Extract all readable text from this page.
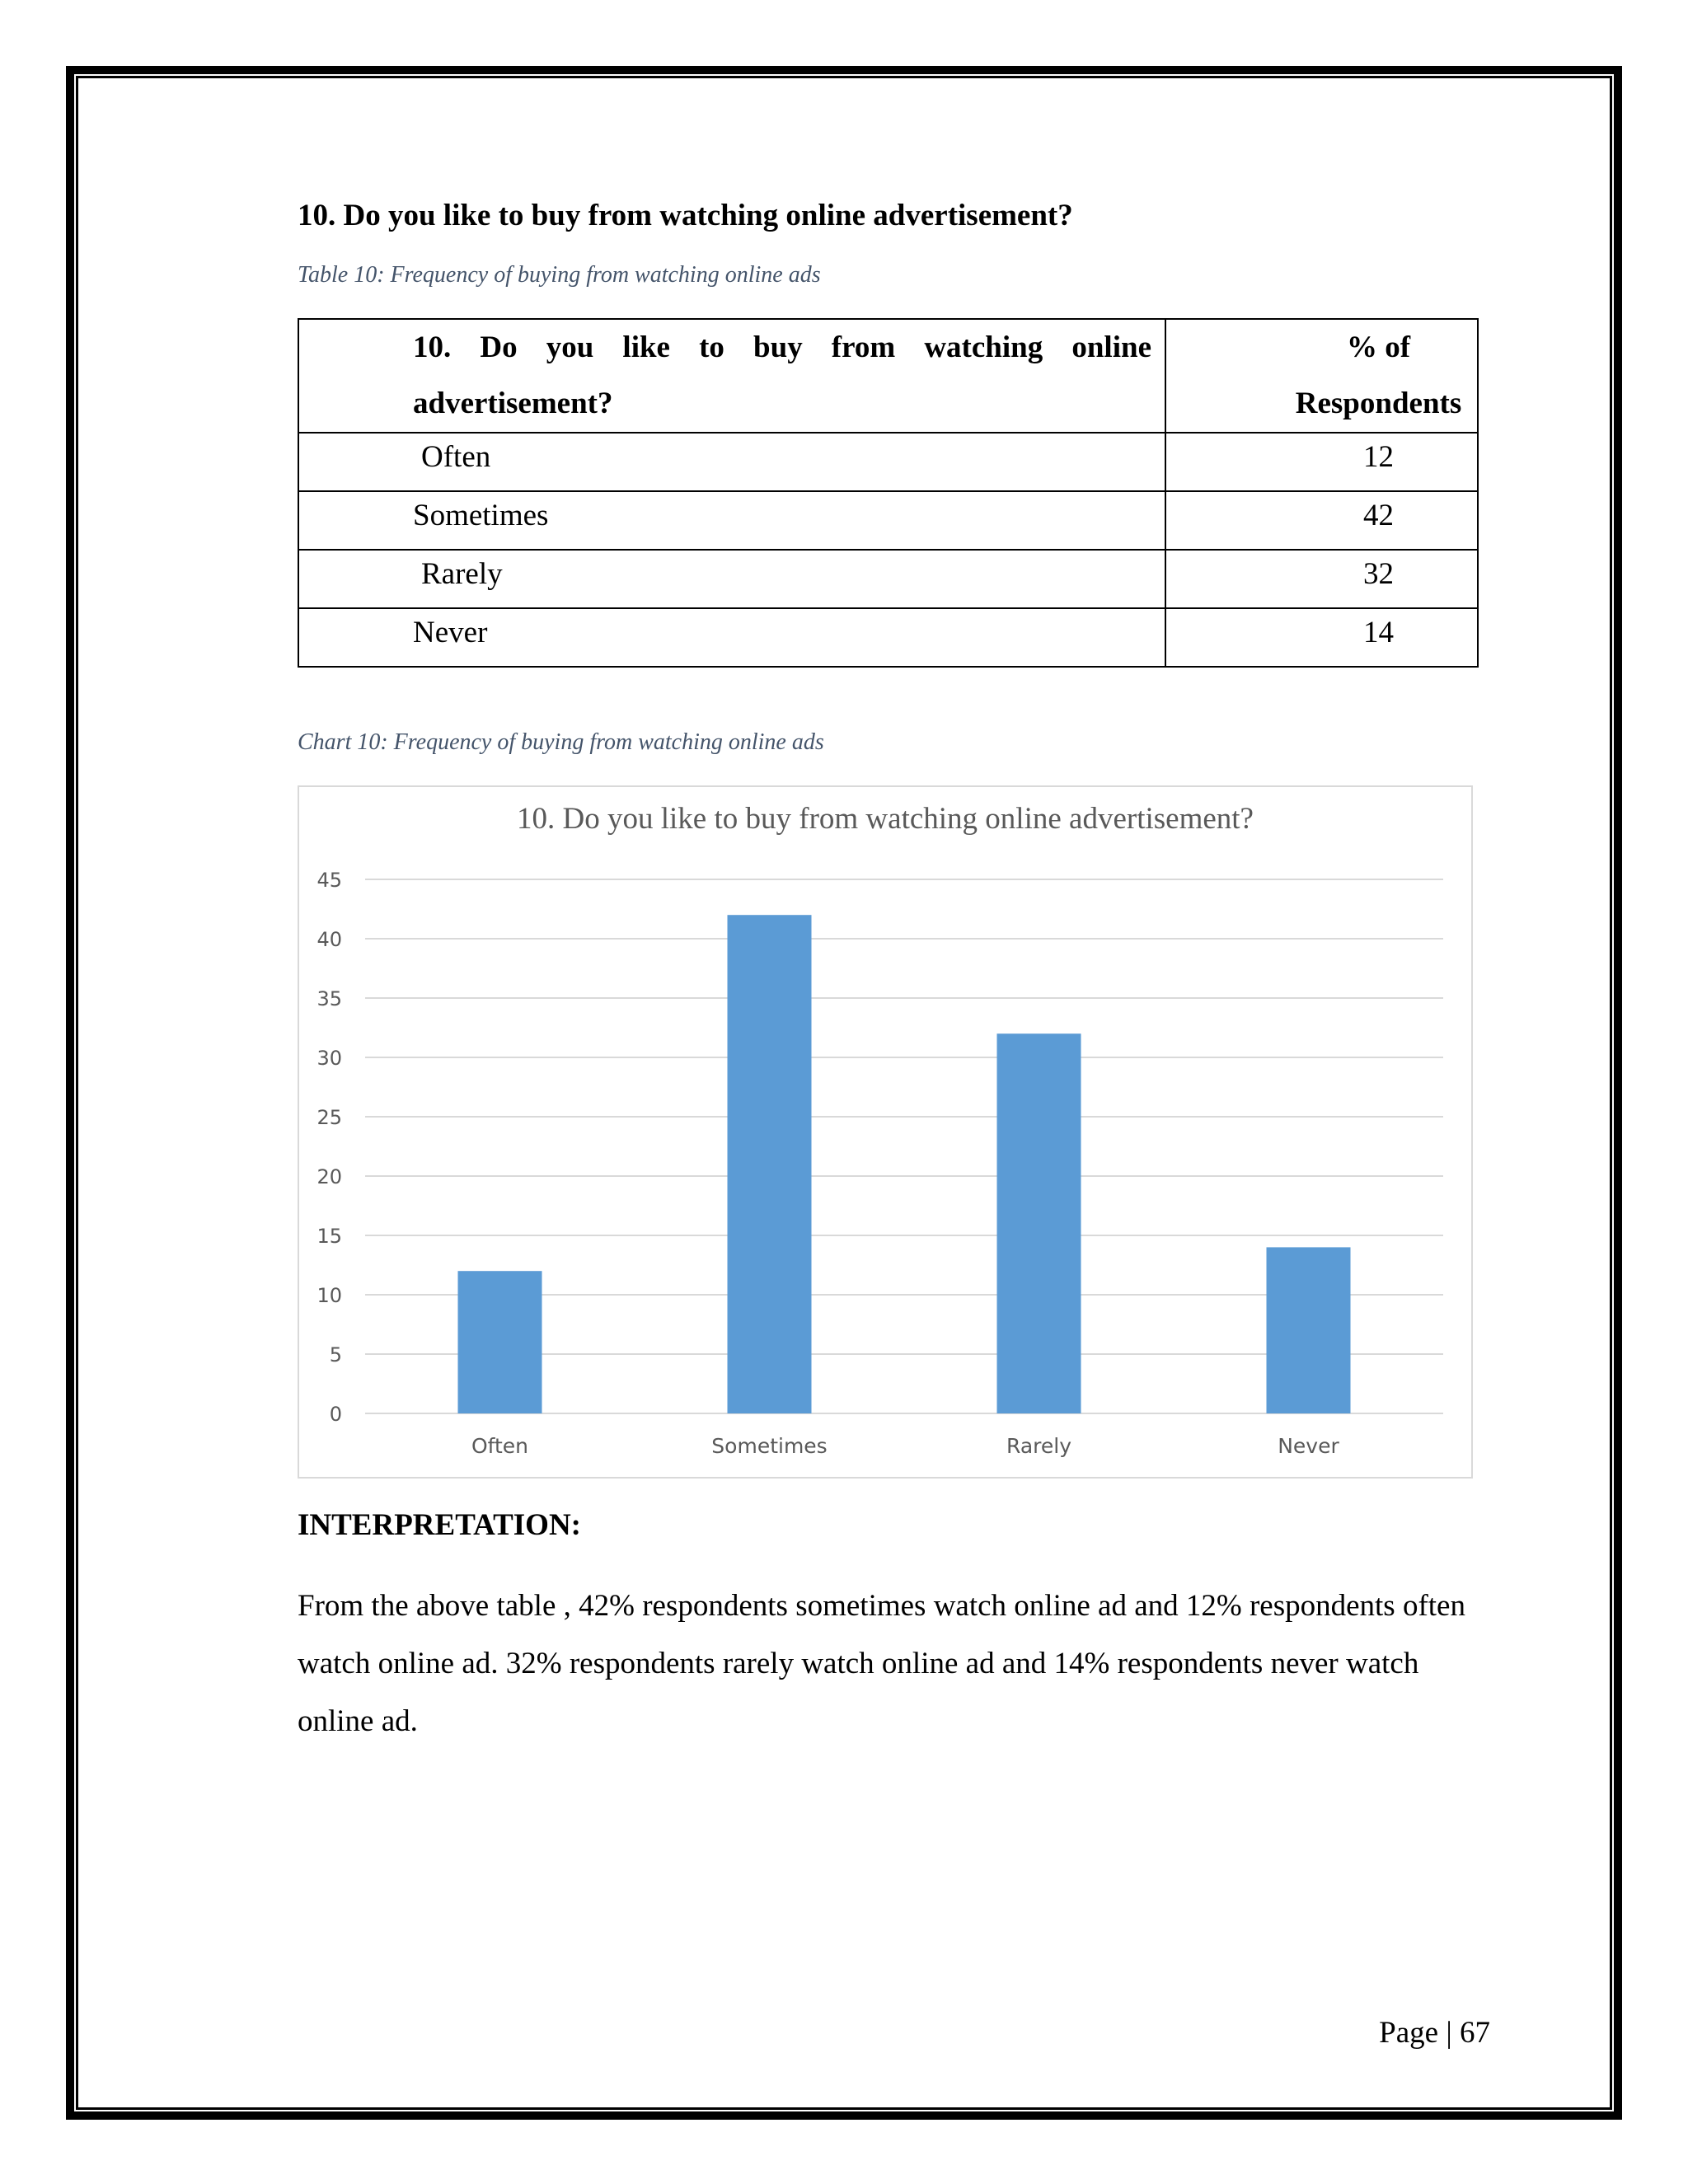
10. Do you like to buy from watching online advertisement?
Table 10: Frequency of buying from watching online ads
10. Do you like to buy from watching online advertisement?	% of Respondents
Often	12
Sometimes	42
Rarely	32
Never	14
Chart 10: Frequency of buying from watching online ads
10. Do you like to buy from watching online advertisement?
0
5
10
15
20
25
30
35
40
45
Often	Sometimes	Rarely	Never
INTERPRETATION:
From the above table , 42% respondents sometimes watch online ad and 12% respondents often watch online ad. 32% respondents rarely watch online ad and 14% respondents never watch online ad.
Page | 67
